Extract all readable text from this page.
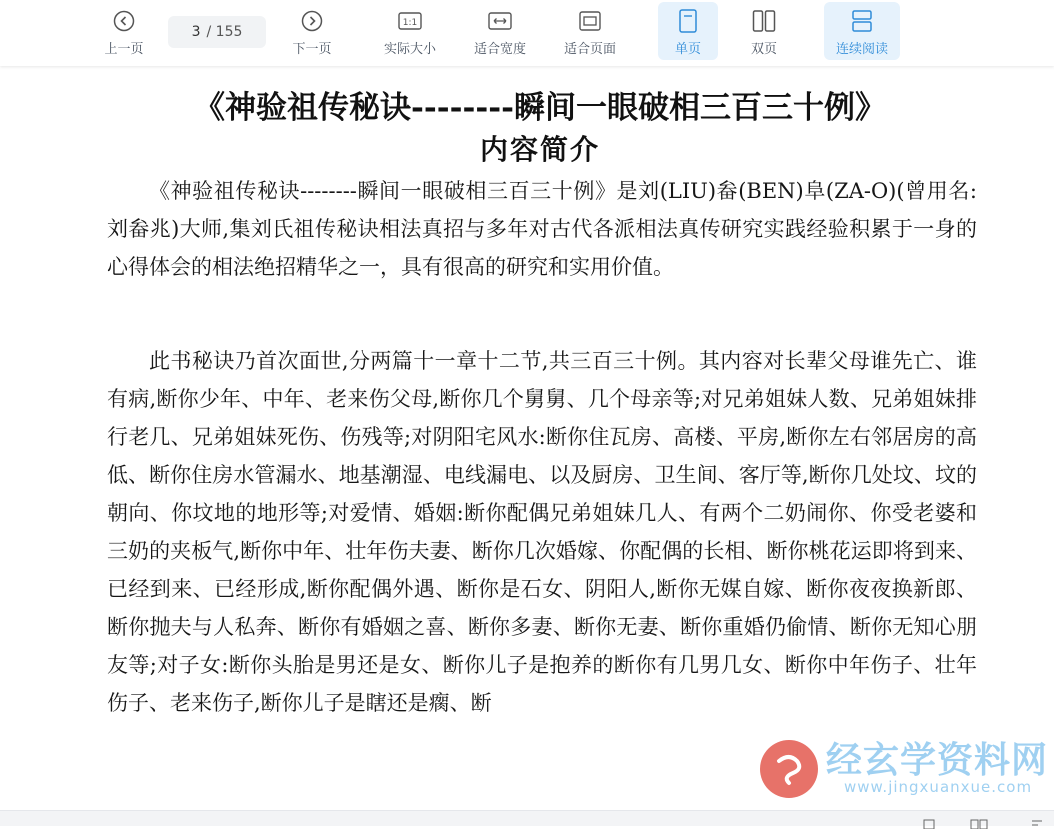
上一页
3 / 155
下一页
1:1
实际大小	适合宽度	适合页面	单页	双页	连续阅读
《神验祖传秘诀--------瞬间一眼破相三百三十例》
内容简介
《神验祖传秘诀--------瞬间一眼破相三百三十例》是刘(LIU)畚(BEN)阜(ZA-O)(曾用名:刘畚兆)大师,集刘氏祖传秘诀相法真招与多年对古代各派相法真传研究实践经验积累于一身的心得体会的相法绝招精华之一，具有很高的研究和实用价值。
此书秘诀乃首次面世,分两篇十一章十二节,共三百三十例。其内容对长辈父母谁先亡、谁有病,断你少年、中年、老来伤父母,断你几个舅舅、几个母亲等;对兄弟姐妹人数、兄弟姐妹排行老几、兄弟姐妹死伤、伤残等;对阴阳宅风水:断你住瓦房、高楼、平房,断你左右邻居房的高低、断你住房水管漏水、地基潮湿、电线漏电、以及厨房、卫生间、客厅等,断你几处坟、坟的朝向、你坟地的地形等;对爱情、婚姻:断你配偶兄弟姐妹几人、有两个二奶闹你、你受老婆和三奶的夹板气,断你中年、壮年伤夫妻、断你几次婚嫁、你配偶的长相、断你桃花运即将到来、已经到来、已经形成,断你配偶外遇、断你是石女、阴阳人,断你无媒自嫁、断你夜夜换新郎、断你抛夫与人私奔、断你有婚姻之喜、断你多妻、断你无妻、断你重婚仍偷情、断你无知心朋友等;对子女:断你头胎是男还是女、断你儿子是抱养的断你有几男几女、断你中年伤子、壮年伤子、老来伤子,断你儿子是瞎还是瘸、断
经玄学资料网
www.jingxuanxue.com
